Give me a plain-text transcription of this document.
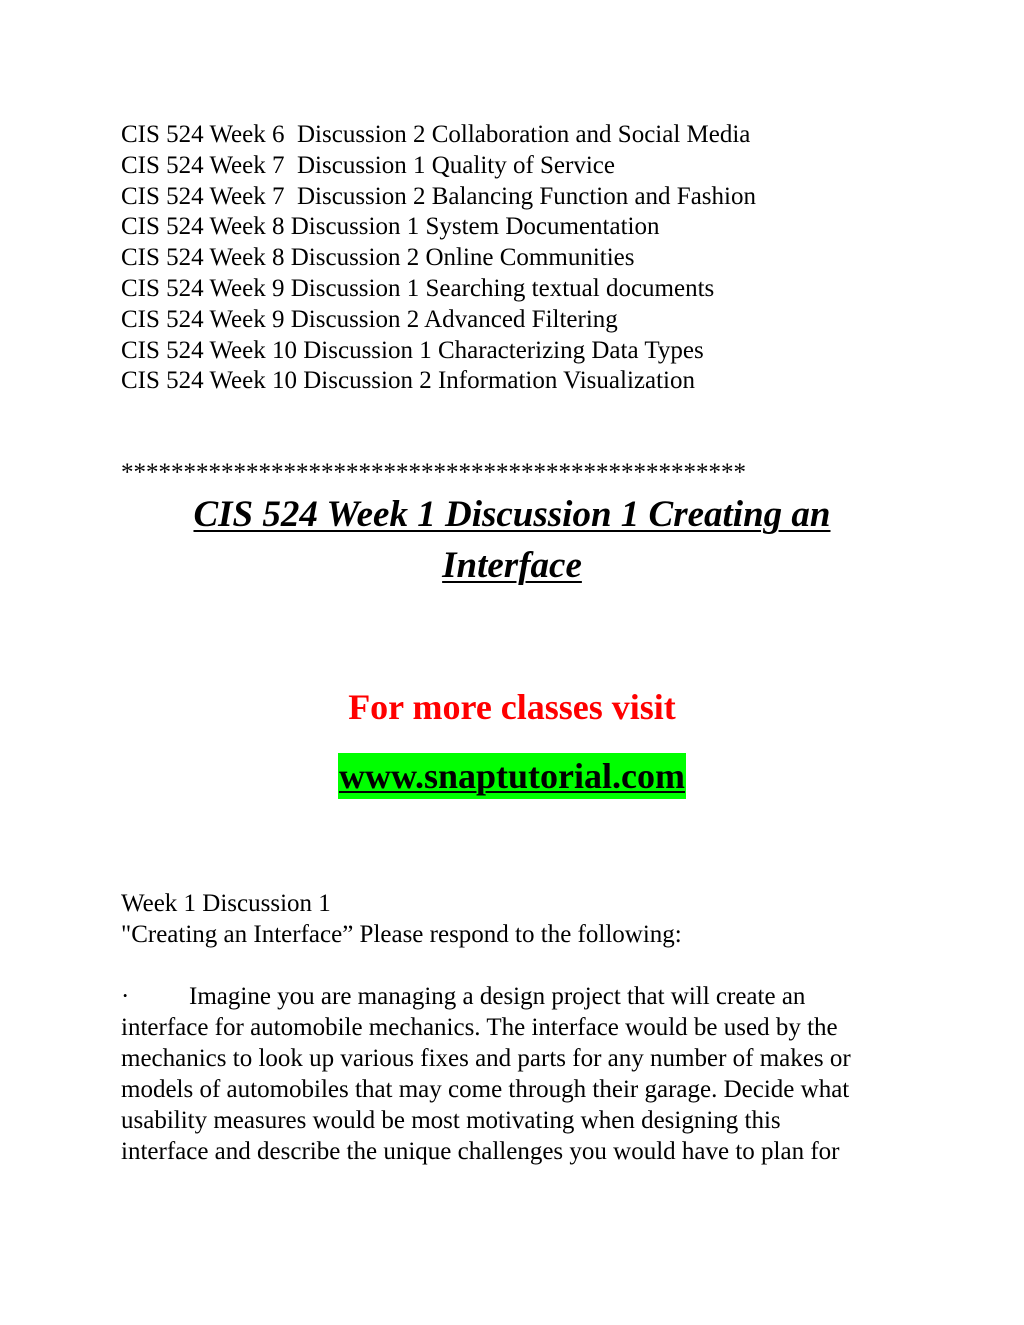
CIS 524 Week 6  Discussion 2 Collaboration and Social Media

CIS 524 Week 7  Discussion 1 Quality of Service

CIS 524 Week 7  Discussion 2 Balancing Function and Fashion

CIS 524 Week 8 Discussion 1 System Documentation

CIS 524 Week 8 Discussion 2 Online Communities

CIS 524 Week 9 Discussion 1 Searching textual documents

CIS 524 Week 9 Discussion 2 Advanced Filtering

CIS 524 Week 10 Discussion 1 Characterizing Data Types

CIS 524 Week 10 Discussion 2 Information Visualization

**************************************************

CIS 524 Week 1 Discussion 1 Creating an
Interface

For more classes visit

www.snaptutorial.com

Week 1 Discussion 1

"Creating an Interface” Please respond to the following:

· Imagine you are managing a design project that will create an
interface for automobile mechanics. The interface would be used by the
mechanics to look up various fixes and parts for any number of makes or
models of automobiles that may come through their garage. Decide what
usability measures would be most motivating when designing this
interface and describe the unique challenges you would have to plan for
